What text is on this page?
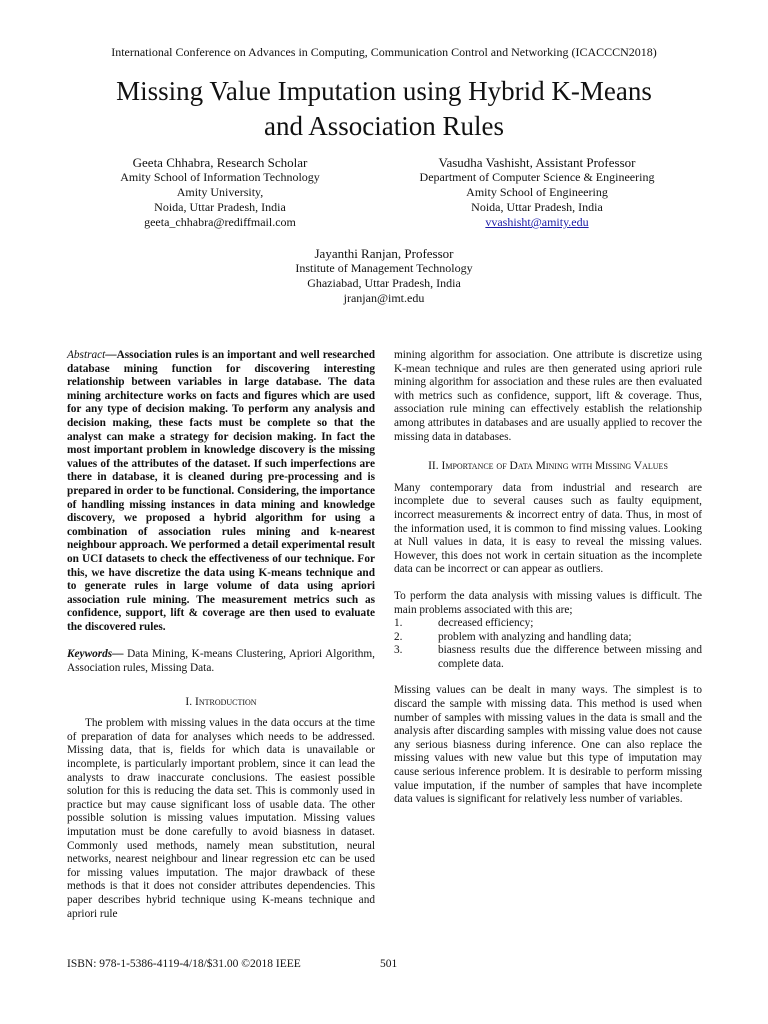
International Conference on Advances in Computing, Communication Control and Networking (ICACCCN2018)
Missing Value Imputation using Hybrid K-Means
and Association Rules
Geeta Chhabra, Research Scholar
Amity School of Information Technology
Amity University,
Noida, Uttar Pradesh, India
geeta_chhabra@rediffmail.com
Vasudha Vashisht, Assistant Professor
Department of Computer Science & Engineering
Amity School of Engineering
Noida, Uttar Pradesh, India
vvashisht@amity.edu
Jayanthi Ranjan, Professor
Institute of Management Technology
Ghaziabad, Uttar Pradesh, India
jranjan@imt.edu

Abstract—Association rules is an important and well researched database mining function for discovering interesting relationship between variables in large database. The data mining architecture works on facts and figures which are used for any type of decision making. To perform any analysis and decision making, these facts must be complete so that the analyst can make a strategy for decision making. In fact the most important problem in knowledge discovery is the missing values of the attributes of the dataset. If such imperfections are there in database, it is cleaned during pre-processing and is prepared in order to be functional. Considering, the importance of handling missing instances in data mining and knowledge discovery, we proposed a hybrid algorithm for using a combination of association rules mining and k-nearest neighbour approach. We performed a detail experimental result on UCI datasets to check the effectiveness of our technique. For this, we have discretize the data using K-means technique and to generate rules in large volume of data using apriori association rule mining. The measurement metrics such as confidence, support, lift & coverage are then used to evaluate the discovered rules.

Keywords— Data Mining, K-means Clustering, Apriori Algorithm, Association rules, Missing Data.

I. Introduction

The problem with missing values in the data occurs at the time of preparation of data for analyses which needs to be addressed. Missing data, that is, fields for which data is unavailable or incomplete, is particularly important problem, since it can lead the analysts to draw inaccurate conclusions. The easiest possible solution for this is reducing the data set. This is commonly used in practice but may cause significant loss of usable data. The other possible solution is missing values imputation. Missing values imputation must be done carefully to avoid biasness in dataset. Commonly used methods, namely mean substitution, neural networks, nearest neighbour and linear regression etc can be used for missing values imputation. The major drawback of these methods is that it does not consider attributes dependencies. This paper describes hybrid technique using K-means technique and apriori rule

mining algorithm for association. One attribute is discretize using K-mean technique and rules are then generated using apriori rule mining algorithm for association and these rules are then evaluated with metrics such as confidence, support, lift & coverage. Thus, association rule mining can effectively establish the relationship among attributes in databases and are usually applied to recover the missing data in databases.

II. Importance of Data Mining with Missing Values

Many contemporary data from industrial and research are incomplete due to several causes such as faulty equipment, incorrect measurements & incorrect entry of data. Thus, in most of the information used, it is common to find missing values. Looking at Null values in data, it is easy to reveal the missing values. However, this does not work in certain situation as the incomplete data can be incorrect or can appear as outliers.

To perform the data analysis with missing values is difficult. The main problems associated with this are;

1.	decreased efficiency;
2.	problem with analyzing and handling data;
3.	biasness results due the difference between missing and complete data.

Missing values can be dealt in many ways. The simplest is to discard the sample with missing data. This method is used when number of samples with missing values in the data is small and the analysis after discarding samples with missing value does not cause any serious biasness during inference. One can also replace the missing values with new value but this type of imputation may cause serious inference problem. It is desirable to perform missing value imputation, if the number of samples that have incomplete data values is significant for relatively less number of variables.

ISBN: 978-1-5386-4119-4/18/$31.00 ©2018 IEEE	501
